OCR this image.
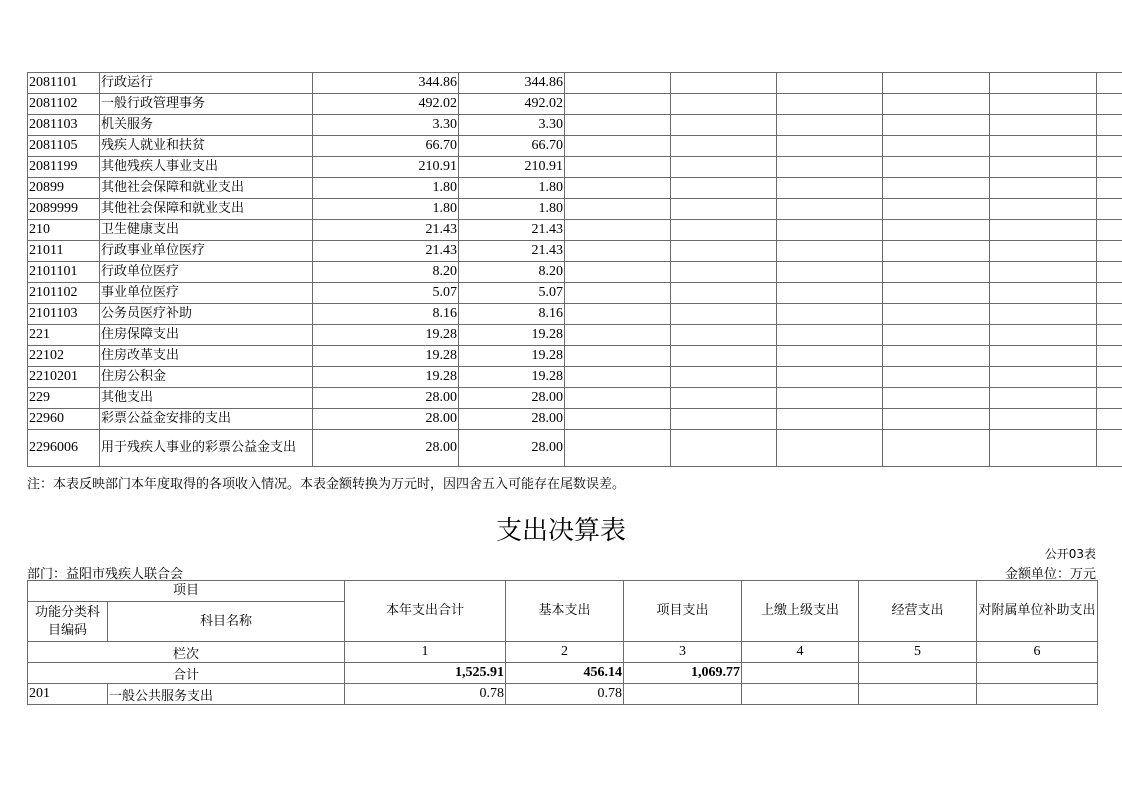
2081101	行政运行	344.86	344.86						
2081102	一般行政管理事务	492.02	492.02						
2081103	机关服务	3.30	3.30						
2081105	残疾人就业和扶贫	66.70	66.70						
2081199	其他残疾人事业支出	210.91	210.91						
20899	其他社会保障和就业支出	1.80	1.80						
2089999	其他社会保障和就业支出	1.80	1.80						
210	卫生健康支出	21.43	21.43						
21011	行政事业单位医疗	21.43	21.43						
2101101	行政单位医疗	8.20	8.20						
2101102	事业单位医疗	5.07	5.07						
2101103	公务员医疗补助	8.16	8.16						
221	住房保障支出	19.28	19.28						
22102	住房改革支出	19.28	19.28						
2210201	住房公积金	19.28	19.28						
229	其他支出	28.00	28.00						
22960	彩票公益金安排的支出	28.00	28.00						
2296006	用于残疾人事业的彩票公益金支出	28.00	28.00						
注：本表反映部门本年度取得的各项收入情况。本表金额转换为万元时，因四舍五入可能存在尾数误差。
支出决算表
公开03表
部门：益阳市残疾人联合会	金额单位：万元
项目		本年支出合计	基本支出	项目支出	上缴上级支出	经营支出	对附属单位补助支出
功能分类科目编码	科目名称						
栏次		1	2	3	4	5	6
合计		1,525.91	456.14	1,069.77			
201	一般公共服务支出	0.78	0.78				
